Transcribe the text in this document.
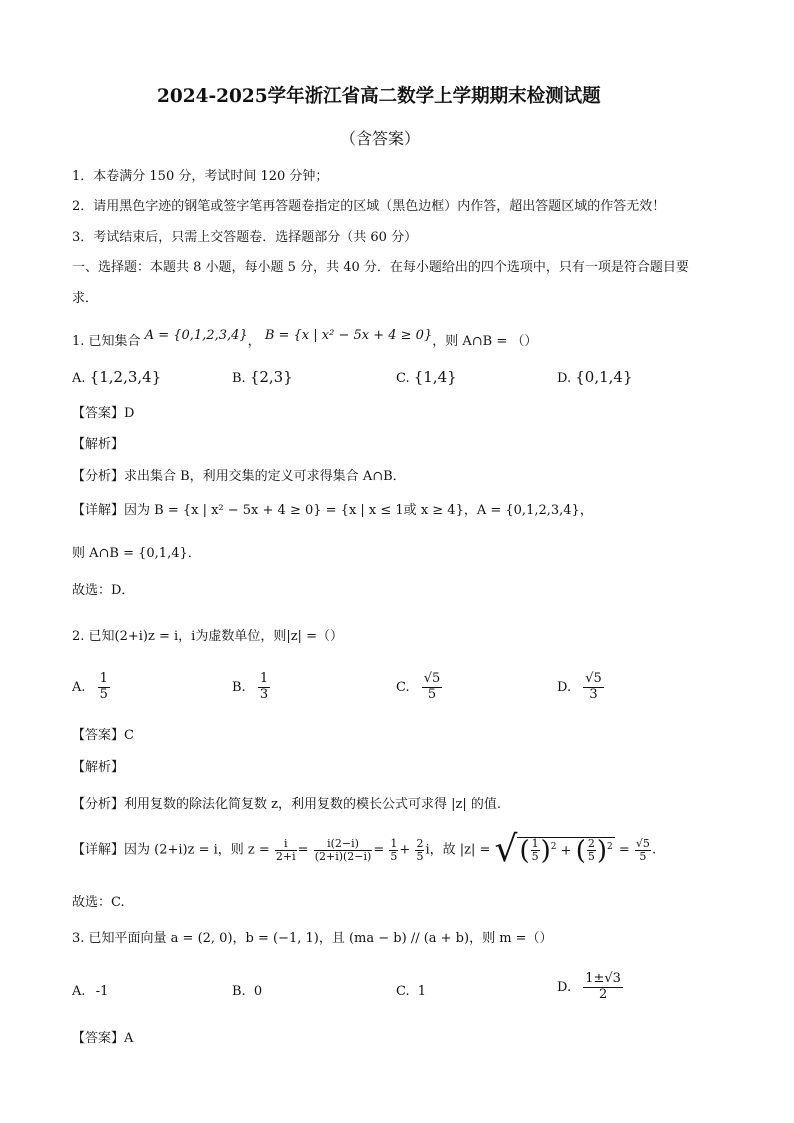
2024-2025学年浙江省高二数学上学期期末检测试题
（含答案）
1．本卷满分 150 分，考试时间 120 分钟；
2．请用黑色字迹的钢笔或签字笔再答题卷指定的区域（黑色边框）内作答，超出答题区域的作答无效！
3．考试结束后，只需上交答题卷．选择题部分（共 60 分）
一、选择题：本题共 8 小题，每小题 5 分，共 40 分．在每小题给出的四个选项中，只有一项是符合题目要
求．
1. 已知集合 A = {0,1,2,3,4}， B = {x | x² − 5x + 4 ≥ 0}，则 A∩B = （）
A. {1,2,3,4}	B. {2,3}	C. {1,4}	D. {0,1,4}
【答案】D
【解析】
【分析】求出集合 B，利用交集的定义可求得集合 A∩B．
【详解】因为 B = {x | x² − 5x + 4 ≥ 0} = {x | x ≤ 1或 x ≥ 4}，A = {0,1,2,3,4}，
则 A∩B = {0,1,4}．
故选：D．
2. 已知(2+i)z = i，i为虚数单位，则|z| =（）
A. $\frac{1}{5}$	B. $\frac{1}{3}$	C. $\frac{√5}{5}$	D. $\frac{√5}{3}$
【答案】C
【解析】
【分析】利用复数的除法化简复数 z，利用复数的模长公式可求得 |z| 的值.
【详解】因为 (2+i)z = i，则 $z = \frac{i}{2+i} = \frac{i(2-i)}{(2+i)(2-i)} = \frac{1}{5} + \frac{2}{5}$ i，故 |z| = √( $\frac{1}{5} )^2$ + ( $\frac{2}{5} )^2 = \frac{√5}{5}$ .
故选：C.
3. 已知平面向量 a = (2, 0)，b = (−1, 1)，且 (ma − b) // (a + b)，则 m =（）
A. -1	B. 0	C. 1	D. $\frac{1\pm√3}{2}$
【答案】A
